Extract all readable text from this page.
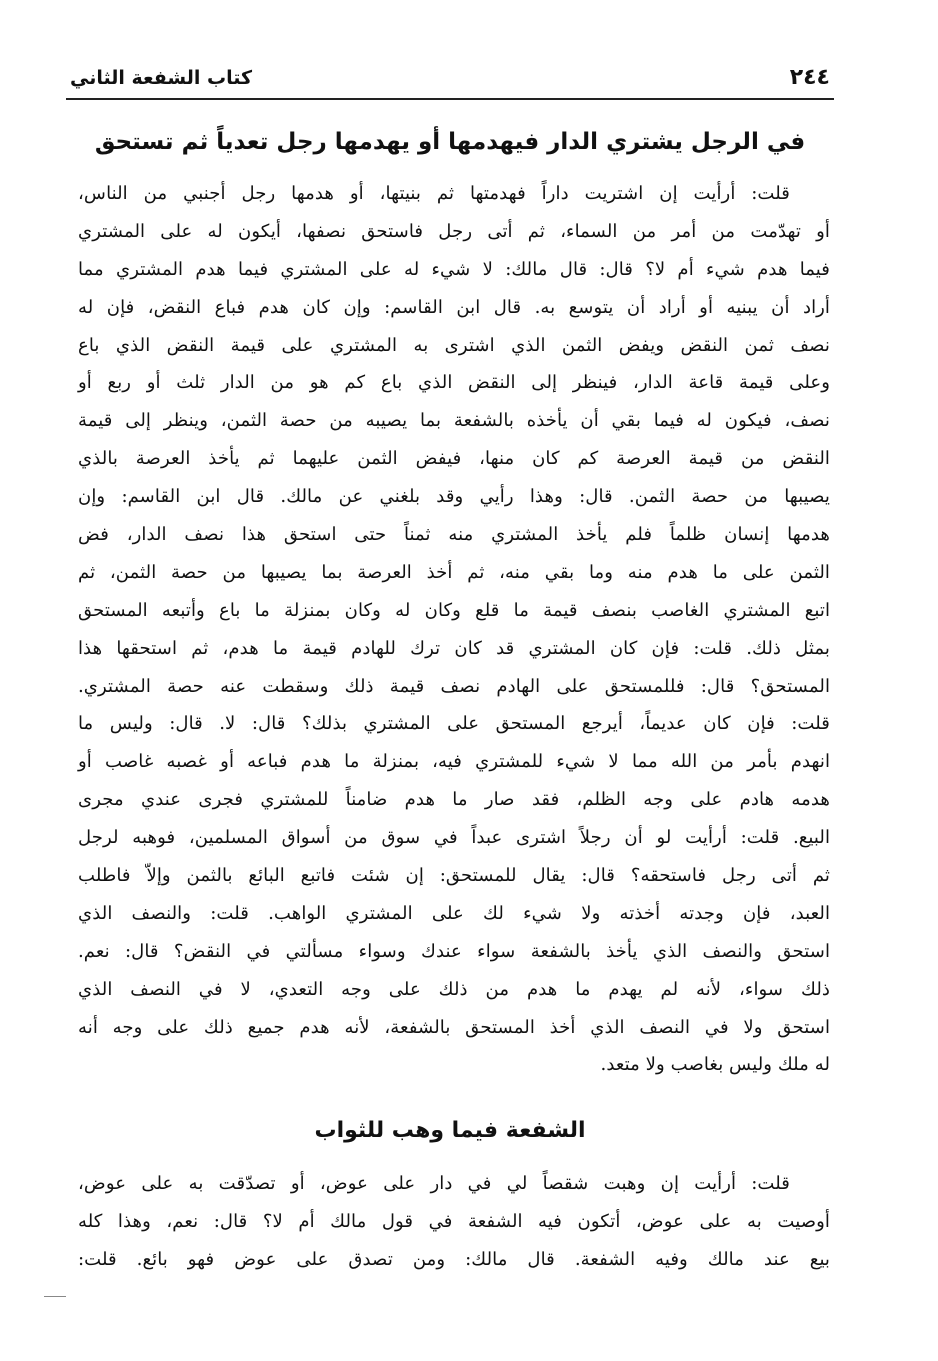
٢٤٤
كتاب الشفعة الثاني
في الرجل يشتري الدار فيهدمها أو يهدمها رجل تعدياً ثم تستحق
قلت: أرأيت إن اشتريت داراً فهدمتها ثم بنيتها، أو هدمها رجل أجنبي من الناس،
أو تهدّمت من أمر من السماء، ثم أتى رجل فاستحق نصفها، أيكون له على المشتري
فيما هدم شيء أم لا؟ قال: قال مالك: لا شيء له على المشتري فيما هدم المشتري مما
أراد أن يبنيه أو أراد أن يتوسع به. قال ابن القاسم: وإن كان هدم فباع النقض، فإن له
نصف ثمن النقض ويفض الثمن الذي اشترى به المشتري على قيمة النقض الذي باع
وعلى قيمة قاعة الدار، فينظر إلى النقض الذي باع كم هو من الدار ثلث أو ربع أو
نصف، فيكون له فيما بقي أن يأخذه بالشفعة بما يصيبه من حصة الثمن، وينظر إلى قيمة
النقض من قيمة العرصة كم كان منها، فيفض الثمن عليهما ثم يأخذ العرصة بالذي
يصيبها من حصة الثمن. قال: وهذا رأيي وقد بلغني عن مالك. قال ابن القاسم: وإن
هدمها إنسان ظلماً فلم يأخذ المشتري منه ثمناً حتى استحق هذا نصف الدار، فض
الثمن على ما هدم منه وما بقي منه، ثم أخذ العرصة بما يصيبها من حصة الثمن، ثم
اتبع المشتري الغاصب بنصف قيمة ما قلع وكان له وكان بمنزلة ما باع وأتبعه المستحق
بمثل ذلك. قلت: فإن كان المشتري قد كان ترك للهادم قيمة ما هدم، ثم استحقها هذا
المستحق؟ قال: فللمستحق على الهادم نصف قيمة ذلك وسقطت عنه حصة المشتري.
قلت: فإن كان عديماً، أيرجع المستحق على المشتري بذلك؟ قال: لا. قال: وليس ما
انهدم بأمر من الله مما لا شيء للمشتري فيه، بمنزلة ما هدم فباعه أو غصبه غاصب أو
هدمه هادم على وجه الظلم، فقد صار ما هدم ضامناً للمشتري فجرى عندي مجرى
البيع. قلت: أرأيت لو أن رجلاً اشترى عبداً في سوق من أسواق المسلمين، فوهبه لرجل
ثم أتى رجل فاستحقه؟ قال: يقال للمستحق: إن شئت فاتبع البائع بالثمن وإلاّ فاطلب
العبد، فإن وجدته أخذته ولا شيء لك على المشتري الواهب. قلت: والنصف الذي
استحق والنصف الذي يأخذ بالشفعة سواء عندك وسواء مسألتي في النقض؟ قال: نعم.
ذلك سواء، لأنه لم يهدم ما هدم من ذلك على وجه التعدي، لا في النصف الذي
استحق ولا في النصف الذي أخذ المستحق بالشفعة، لأنه هدم جميع ذلك على وجه أنه
له ملك وليس بغاصب ولا متعد.
الشفعة فيما وهب للثواب
قلت: أرأيت إن وهبت شقصاً لي في دار على عوض، أو تصدّقت به على عوض،
أوصيت به على عوض، أتكون فيه الشفعة في قول مالك أم لا؟ قال: نعم، وهذا كله
بيع عند مالك وفيه الشفعة. قال مالك: ومن تصدق على عوض فهو بائع. قلت:
